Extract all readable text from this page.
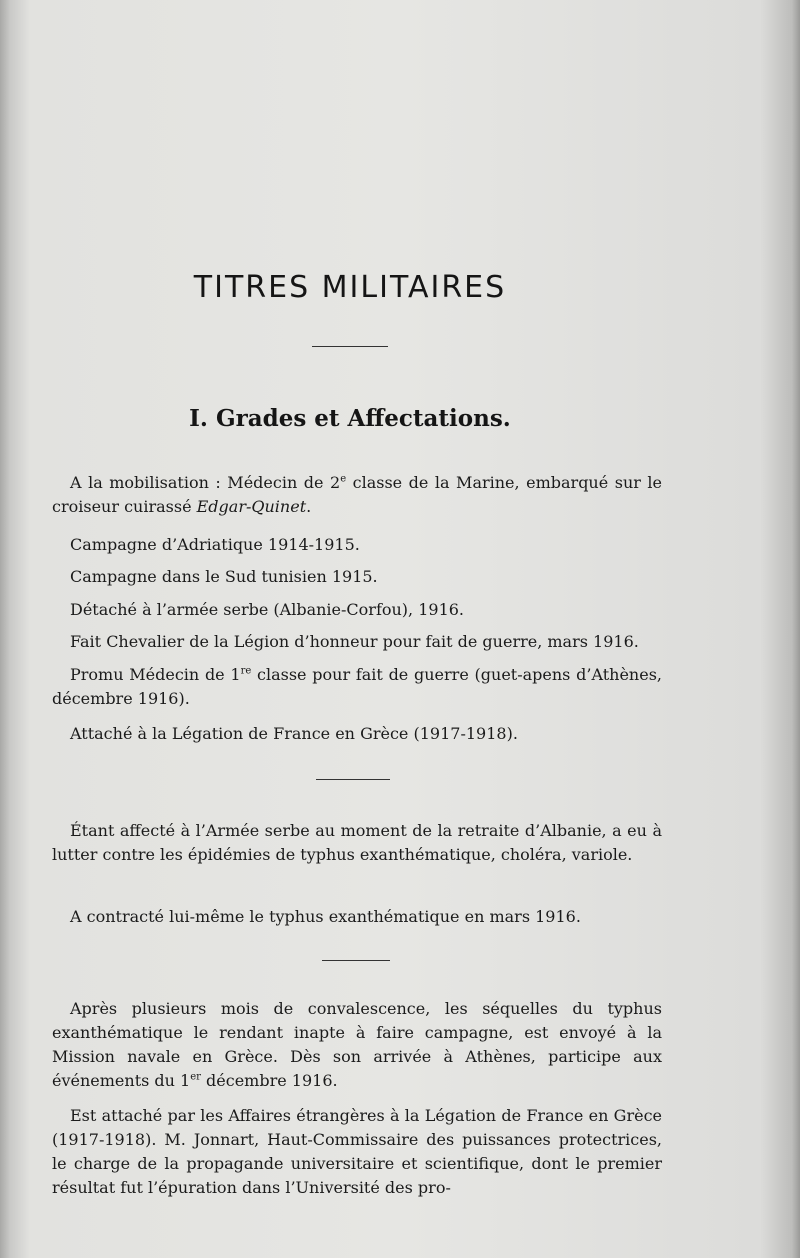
TITRES MILITAIRES
I. Grades et Affectations.
A la mobilisation : Médecin de 2e classe de la Marine, embarqué sur le croiseur cuirassé Edgar-Quinet.
Campagne d’Adriatique 1914-1915.
Campagne dans le Sud tunisien 1915.
Détaché à l’armée serbe (Albanie-Corfou), 1916.
Fait Chevalier de la Légion d’honneur pour fait de guerre, mars 1916.
Promu Médecin de 1re classe pour fait de guerre (guet-apens d’Athènes, décembre 1916).
Attaché à la Légation de France en Grèce (1917-1918).
Étant affecté à l’Armée serbe au moment de la retraite d’Albanie, a eu à lutter contre les épidémies de typhus exanthématique, choléra, variole.
A contracté lui-même le typhus exanthématique en mars 1916.
Après plusieurs mois de convalescence, les séquelles du typhus exanthématique le rendant inapte à faire campagne, est envoyé à la Mission navale en Grèce. Dès son arrivée à Athènes, participe aux événements du 1er décembre 1916.
Est attaché par les Affaires étrangères à la Légation de France en Grèce (1917-1918). M. Jonnart, Haut-Commissaire des puissances protectrices, le charge de la propagande universitaire et scientifique, dont le premier résultat fut l’épuration dans l’Université des pro-
